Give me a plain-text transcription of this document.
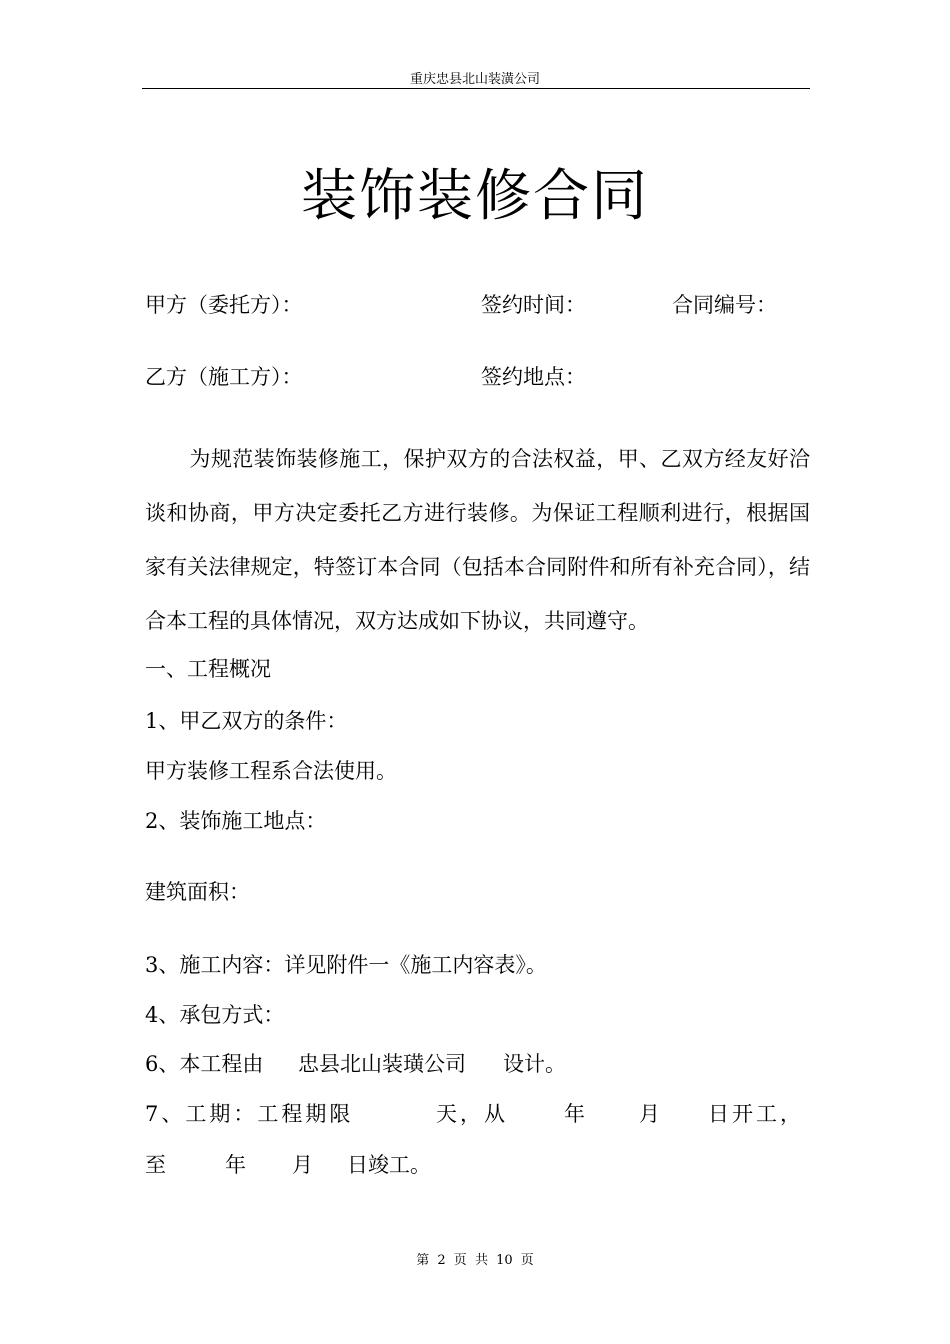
重庆忠县北山装潢公司
装饰装修合同
甲方（委托方）：	签约时间：	合同编号：
乙方（施工方）：	签约地点：
为规范装饰装修施工，保护双方的合法权益，甲、乙双方经友好洽谈和协商，甲方决定委托乙方进行装修。为保证工程顺利进行，根据国家有关法律规定，特签订本合同（包括本合同附件和所有补充合同），结合本工程的具体情况，双方达成如下协议，共同遵守。
一、工程概况
1、甲乙双方的条件：
甲方装修工程系合法使用。
2、装饰施工地点：
建筑面积：
3、施工内容：详见附件一《施工内容表》。
4、承包方式：
6、本工程由 忠县北山装璜公司 设计。
7、工期：工程期限	天，从	年	月 日开工，
至	年 月 日竣工。
第 2 页 共 10 页
